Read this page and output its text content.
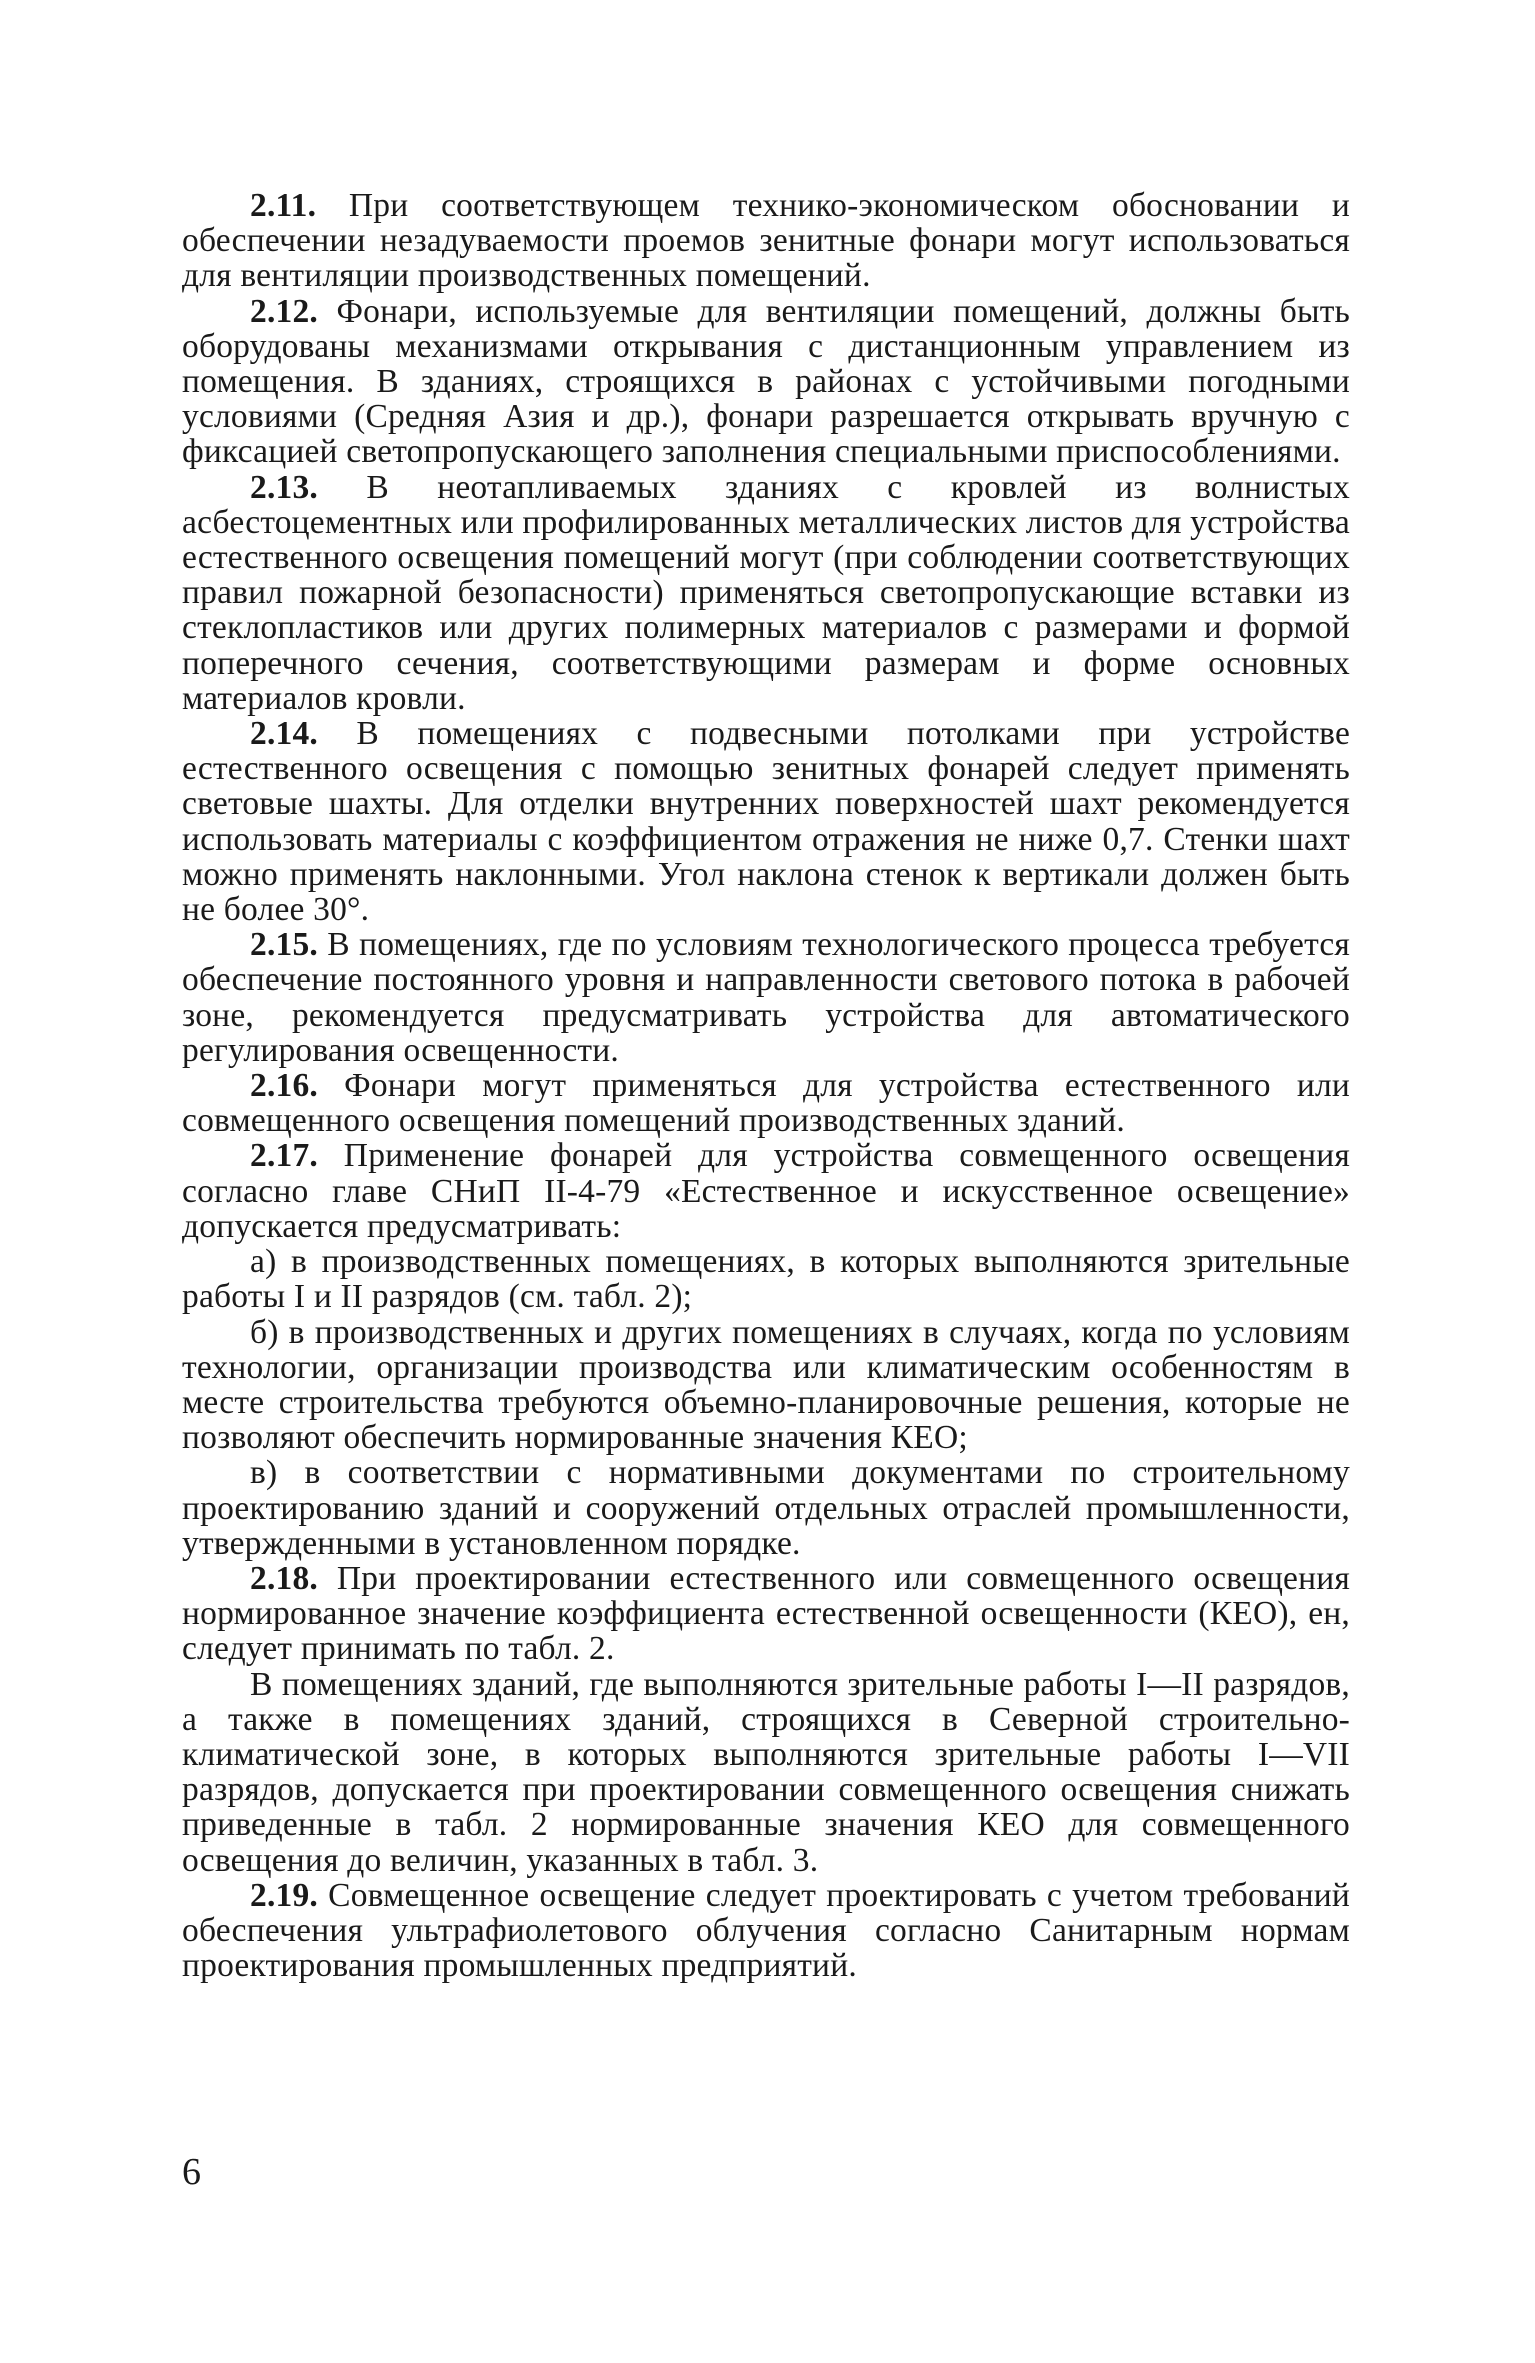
2.11. При соответствующем технико-экономическом обосновании и обеспечении незадуваемости проемов зенитные фонари могут использоваться для вентиляции производственных помещений.

2.12. Фонари, используемые для вентиляции помещений, должны быть оборудованы механизмами открывания с дистанционным управлением из помещения. В зданиях, строящихся в районах с устойчивыми погодными условиями (Средняя Азия и др.), фонари разрешается открывать вручную с фиксацией светопропускающего заполнения специальными приспособлениями.

2.13. В неотапливаемых зданиях с кровлей из волнистых асбестоцементных или профилированных металлических листов для устройства естественного освещения помещений могут (при соблюдении соответствующих правил пожарной безопасности) применяться светопропускающие вставки из стеклопластиков или других полимерных материалов с размерами и формой поперечного сечения, соответствующими размерам и форме основных материалов кровли.

2.14. В помещениях с подвесными потолками при устройстве естественного освещения с помощью зенитных фонарей следует применять световые шахты. Для отделки внутренних поверхностей шахт рекомендуется использовать материалы с коэффициентом отражения не ниже 0,7. Стенки шахт можно применять наклонными. Угол наклона стенок к вертикали должен быть не более 30°.

2.15. В помещениях, где по условиям технологического процесса требуется обеспечение постоянного уровня и направленности светового потока в рабочей зоне, рекомендуется предусматривать устройства для автоматического регулирования освещенности.

2.16. Фонари могут применяться для устройства естественного или совмещенного освещения помещений производственных зданий.

2.17. Применение фонарей для устройства совмещенного освещения согласно главе СНиП II-4-79 «Естественное и искусственное освещение» допускается предусматривать:

а) в производственных помещениях, в которых выполняются зрительные работы I и II разрядов (см. табл. 2);

б) в производственных и других помещениях в случаях, когда по условиям технологии, организации производства или климатическим особенностям в месте строительства требуются объемно-планировочные решения, которые не позволяют обеспечить нормированные значения КЕО;

в) в соответствии с нормативными документами по строительному проектированию зданий и сооружений отдельных отраслей промышленности, утвержденными в установленном порядке.

2.18. При проектировании естественного или совмещенного освещения нормированное значение коэффициента естественной освещенности (КЕО), eн, следует принимать по табл. 2.

В помещениях зданий, где выполняются зрительные работы I—II разрядов, а также в помещениях зданий, строящихся в Северной строительно-климатической зоне, в которых выполняются зрительные работы I—VII разрядов, допускается при проектировании совмещенного освещения снижать приведенные в табл. 2 нормированные значения КЕО для совмещенного освещения до величин, указанных в табл. 3.

2.19. Совмещенное освещение следует проектировать с учетом требований обеспечения ультрафиолетового облучения согласно Санитарным нормам проектирования промышленных предприятий.

6
